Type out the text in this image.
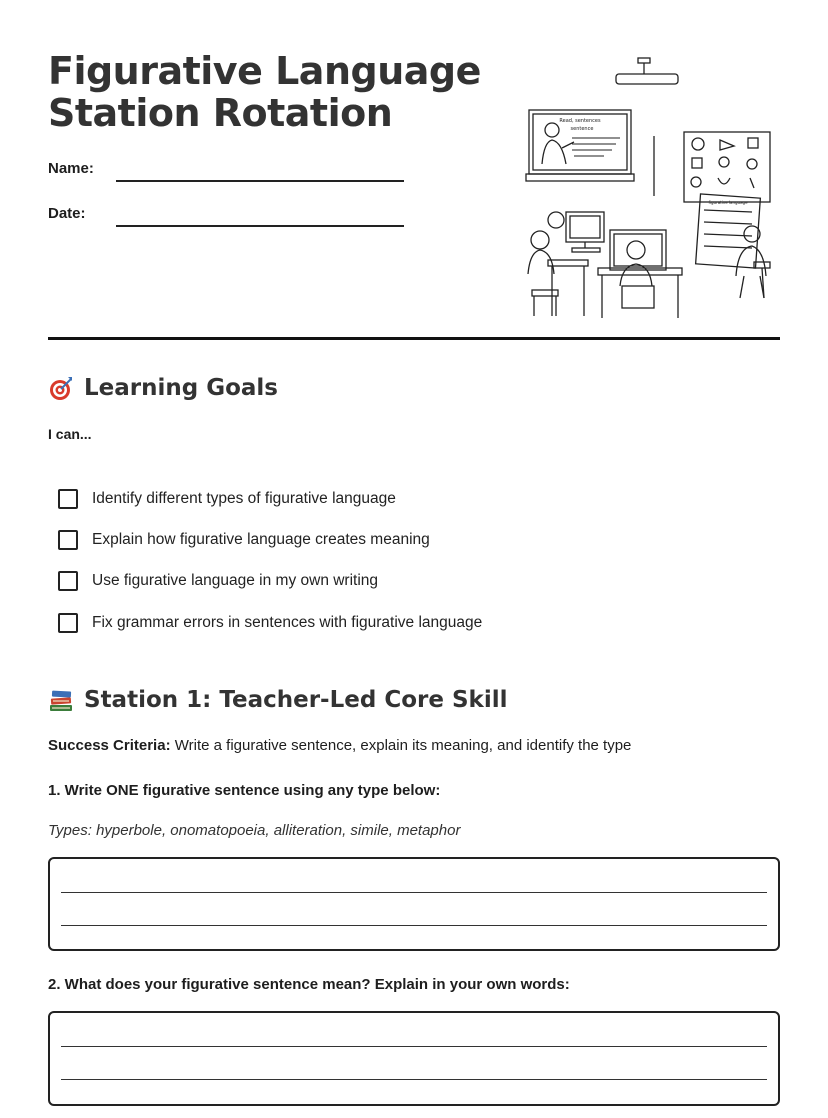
Figurative Language
Station Rotation
Name:
Date:
Read, sentences
sentence
figurative language
Learning Goals
I can...
Identify different types of figurative language
Explain how figurative language creates meaning
Use figurative language in my own writing
Fix grammar errors in sentences with figurative language
Station 1: Teacher-Led Core Skill
Success Criteria: Write a figurative sentence, explain its meaning, and identify the type
1. Write ONE figurative sentence using any type below:
Types: hyperbole, onomatopoeia, alliteration, simile, metaphor
2. What does your figurative sentence mean? Explain in your own words:
